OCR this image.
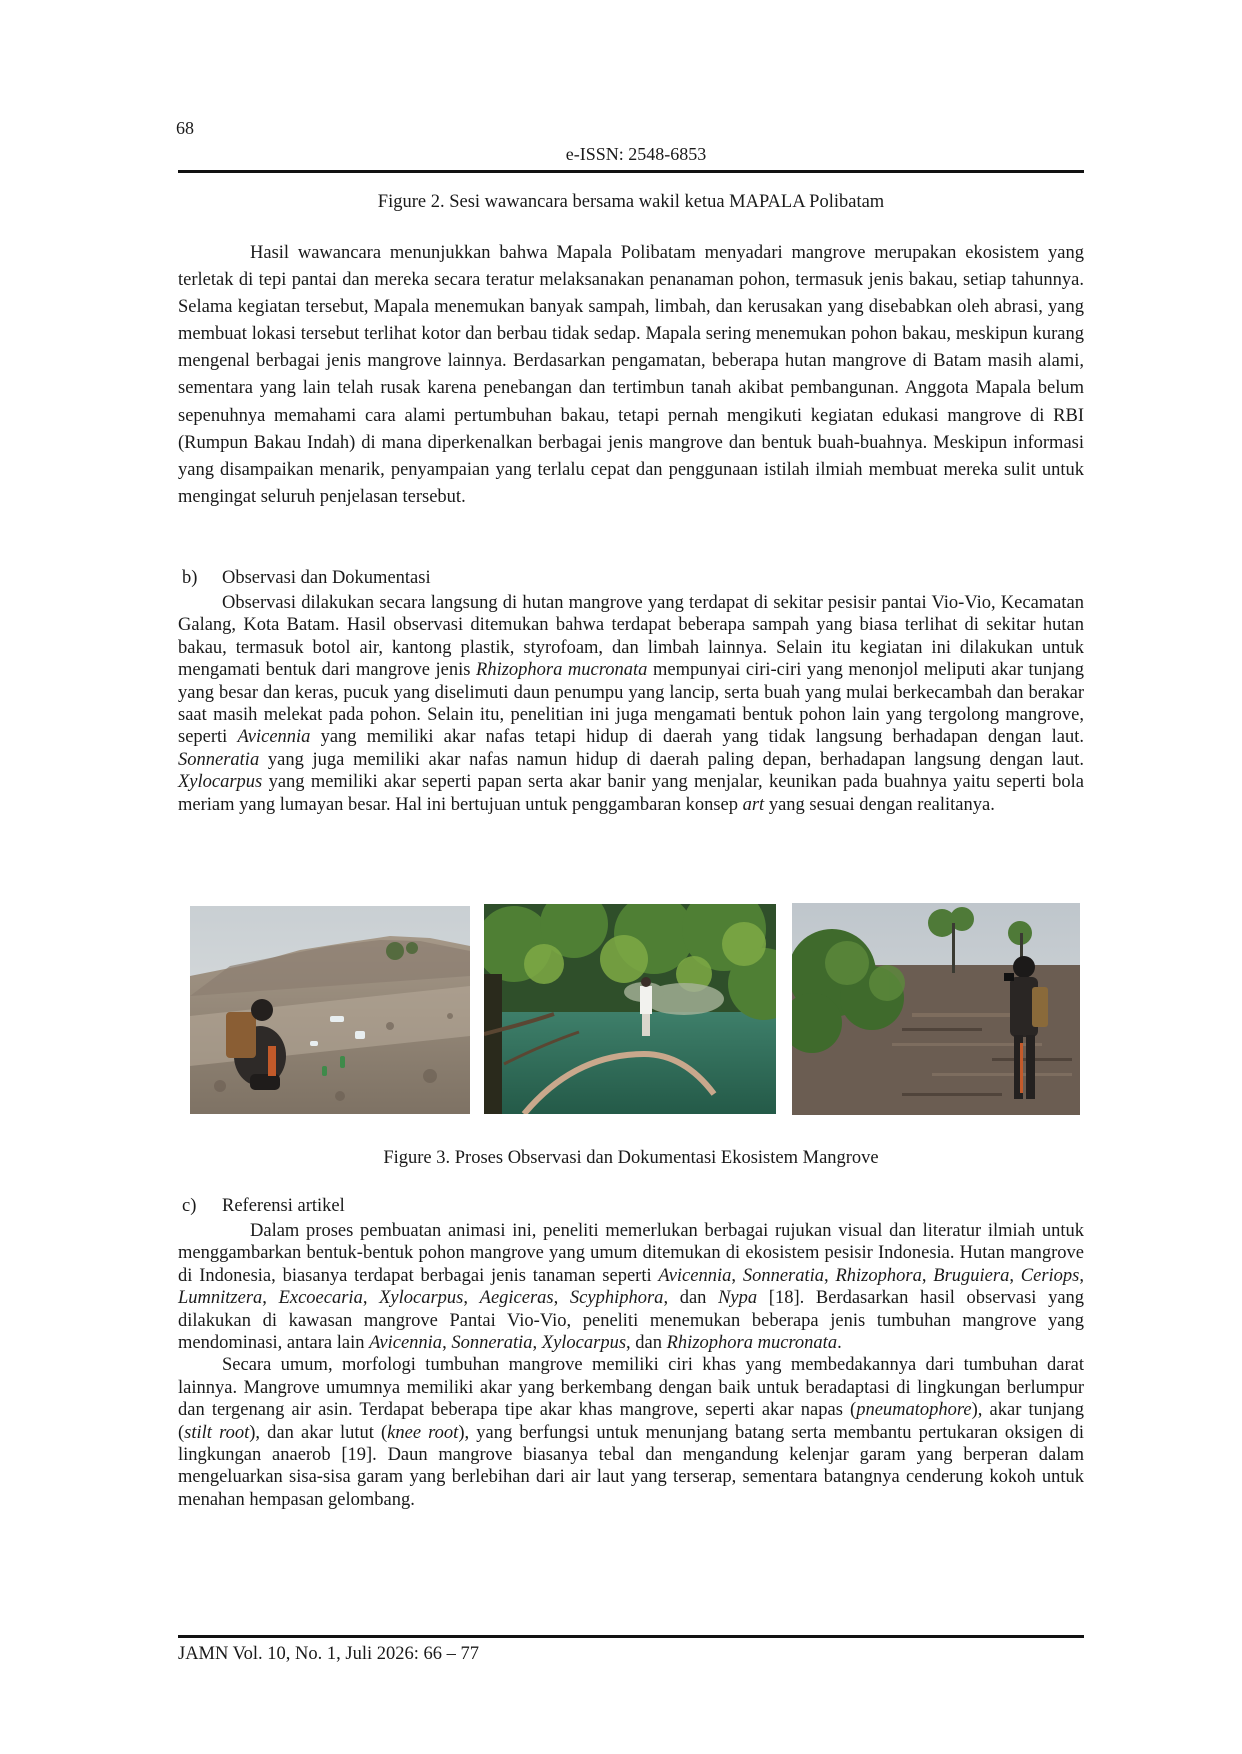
68
e-ISSN: 2548-6853
Figure 2. Sesi wawancara bersama wakil ketua MAPALA Polibatam

Hasil wawancara menunjukkan bahwa Mapala Polibatam menyadari mangrove merupakan ekosistem yang terletak di tepi pantai dan mereka secara teratur melaksanakan penanaman pohon, termasuk jenis bakau, setiap tahunnya. Selama kegiatan tersebut, Mapala menemukan banyak sampah, limbah, dan kerusakan yang disebabkan oleh abrasi, yang membuat lokasi tersebut terlihat kotor dan berbau tidak sedap. Mapala sering menemukan pohon bakau, meskipun kurang mengenal berbagai jenis mangrove lainnya. Berdasarkan pengamatan, beberapa hutan mangrove di Batam masih alami, sementara yang lain telah rusak karena penebangan dan tertimbun tanah akibat pembangunan. Anggota Mapala belum sepenuhnya memahami cara alami pertumbuhan bakau, tetapi pernah mengikuti kegiatan edukasi mangrove di RBI (Rumpun Bakau Indah) di mana diperkenalkan berbagai jenis mangrove dan bentuk buah-buahnya. Meskipun informasi yang disampaikan menarik, penyampaian yang terlalu cepat dan penggunaan istilah ilmiah membuat mereka sulit untuk mengingat seluruh penjelasan tersebut.

b) Observasi dan Dokumentasi

Observasi dilakukan secara langsung di hutan mangrove yang terdapat di sekitar pesisir pantai Vio-Vio, Kecamatan Galang, Kota Batam. Hasil observasi ditemukan bahwa terdapat beberapa sampah yang biasa terlihat di sekitar hutan bakau, termasuk botol air, kantong plastik, styrofoam, dan limbah lainnya. Selain itu kegiatan ini dilakukan untuk mengamati bentuk dari mangrove jenis Rhizophora mucronata mempunyai ciri-ciri yang menonjol meliputi akar tunjang yang besar dan keras, pucuk yang diselimuti daun penumpu yang lancip, serta buah yang mulai berkecambah dan berakar saat masih melekat pada pohon. Selain itu, penelitian ini juga mengamati bentuk pohon lain yang tergolong mangrove, seperti Avicennia yang memiliki akar nafas tetapi hidup di daerah yang tidak langsung berhadapan dengan laut. Sonneratia yang juga memiliki akar nafas namun hidup di daerah paling depan, berhadapan langsung dengan laut. Xylocarpus yang memiliki akar seperti papan serta akar banir yang menjalar, keunikan pada buahnya yaitu seperti bola meriam yang lumayan besar. Hal ini bertujuan untuk penggambaran konsep art yang sesuai dengan realitanya.

Figure 3. Proses Observasi dan Dokumentasi Ekosistem Mangrove
c) Referensi artikel

Dalam proses pembuatan animasi ini, peneliti memerlukan berbagai rujukan visual dan literatur ilmiah untuk menggambarkan bentuk-bentuk pohon mangrove yang umum ditemukan di ekosistem pesisir Indonesia. Hutan mangrove di Indonesia, biasanya terdapat berbagai jenis tanaman seperti Avicennia, Sonneratia, Rhizophora, Bruguiera, Ceriops, Lumnitzera, Excoecaria, Xylocarpus, Aegiceras, Scyphiphora, dan Nypa [18]. Berdasarkan hasil observasi yang dilakukan di kawasan mangrove Pantai Vio-Vio, peneliti menemukan beberapa jenis tumbuhan mangrove yang mendominasi, antara lain Avicennia, Sonneratia, Xylocarpus, dan Rhizophora mucronata.

Secara umum, morfologi tumbuhan mangrove memiliki ciri khas yang membedakannya dari tumbuhan darat lainnya. Mangrove umumnya memiliki akar yang berkembang dengan baik untuk beradaptasi di lingkungan berlumpur dan tergenang air asin. Terdapat beberapa tipe akar khas mangrove, seperti akar napas (pneumatophore), akar tunjang (stilt root), dan akar lutut (knee root), yang berfungsi untuk menunjang batang serta membantu pertukaran oksigen di lingkungan anaerob [19]. Daun mangrove biasanya tebal dan mengandung kelenjar garam yang berperan dalam mengeluarkan sisa-sisa garam yang berlebihan dari air laut yang terserap, sementara batangnya cenderung kokoh untuk menahan hempasan gelombang.

JAMN Vol. 10, No. 1, Juli 2026: 66 – 77
